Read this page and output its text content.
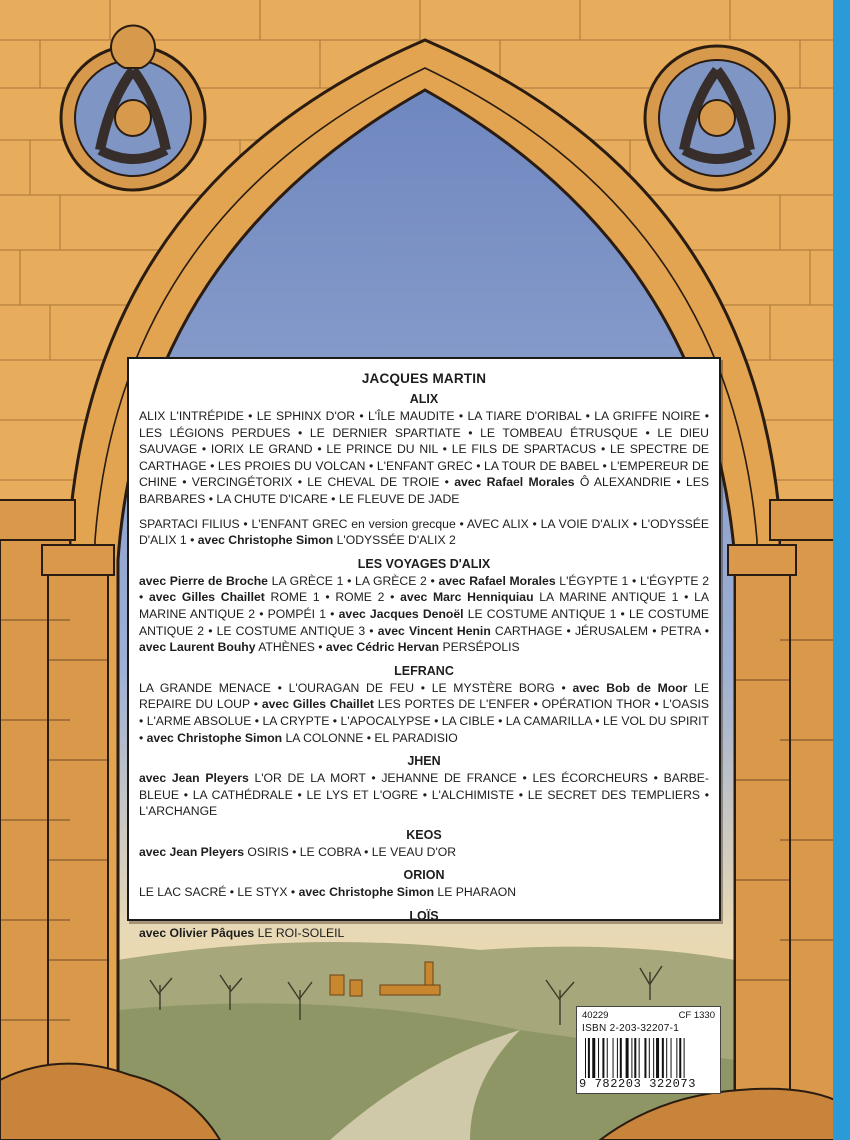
JACQUES MARTIN
ALIX

ALIX L'INTRÉPIDE • LE SPHINX D'OR • L'ÎLE MAUDITE • LA TIARE D'ORIBAL • LA GRIFFE NOIRE • LES LÉGIONS PERDUES • LE DERNIER SPARTIATE • LE TOMBEAU ÉTRUSQUE • LE DIEU SAUVAGE • IORIX LE GRAND • LE PRINCE DU NIL • LE FILS DE SPARTACUS • LE SPECTRE DE CARTHAGE • LES PROIES DU VOLCAN • L'ENFANT GREC • LA TOUR DE BABEL • L'EMPEREUR DE CHINE • VERCINGÉTORIX • LE CHEVAL DE TROIE • avec Rafael Morales Ô ALEXANDRIE • LES BARBARES • LA CHUTE D'ICARE • LE FLEUVE DE JADE

SPARTACI FILIUS • L'ENFANT GREC en version grecque • AVEC ALIX • LA VOIE D'ALIX • L'ODYSSÉE D'ALIX 1 • avec Christophe Simon L'ODYSSÉE D'ALIX 2

LES VOYAGES D'ALIX

avec Pierre de Broche LA GRÈCE 1 • LA GRÈCE 2 • avec Rafael Morales L'ÉGYPTE 1 • L'ÉGYPTE 2 • avec Gilles Chaillet ROME 1 • ROME 2 • avec Marc Henniquiau LA MARINE ANTIQUE 1 • LA MARINE ANTIQUE 2 • POMPÉI 1 • avec Jacques Denoël LE COSTUME ANTIQUE 1 • LE COSTUME ANTIQUE 2 • LE COSTUME ANTIQUE 3 • avec Vincent Henin CARTHAGE • JÉRUSALEM • PETRA • avec Laurent Bouhy ATHÈNES • avec Cédric Hervan PERSÉPOLIS

LEFRANC

LA GRANDE MENACE • L'OURAGAN DE FEU • LE MYSTÈRE BORG • avec Bob de Moor LE REPAIRE DU LOUP • avec Gilles Chaillet LES PORTES DE L'ENFER • OPÉRATION THOR • L'OASIS • L'ARME ABSOLUE • LA CRYPTE • L'APOCALYPSE • LA CIBLE • LA CAMARILLA • LE VOL DU SPIRIT • avec Christophe Simon LA COLONNE • EL PARADISIO

JHEN

avec Jean Pleyers L'OR DE LA MORT • JEHANNE DE FRANCE • LES ÉCORCHEURS • BARBE-BLEUE • LA CATHÉDRALE • LE LYS ET L'OGRE • L'ALCHIMISTE • LE SECRET DES TEMPLIERS • L'ARCHANGE

KEOS

avec Jean Pleyers OSIRIS • LE COBRA • LE VEAU D'OR

ORION

LE LAC SACRÉ • LE STYX • avec Christophe Simon LE PHARAON

LOÏS

avec Olivier Pâques LE ROI-SOLEIL

40229	CF 1330
ISBN 2-203-32207-1
9 782203 322073
